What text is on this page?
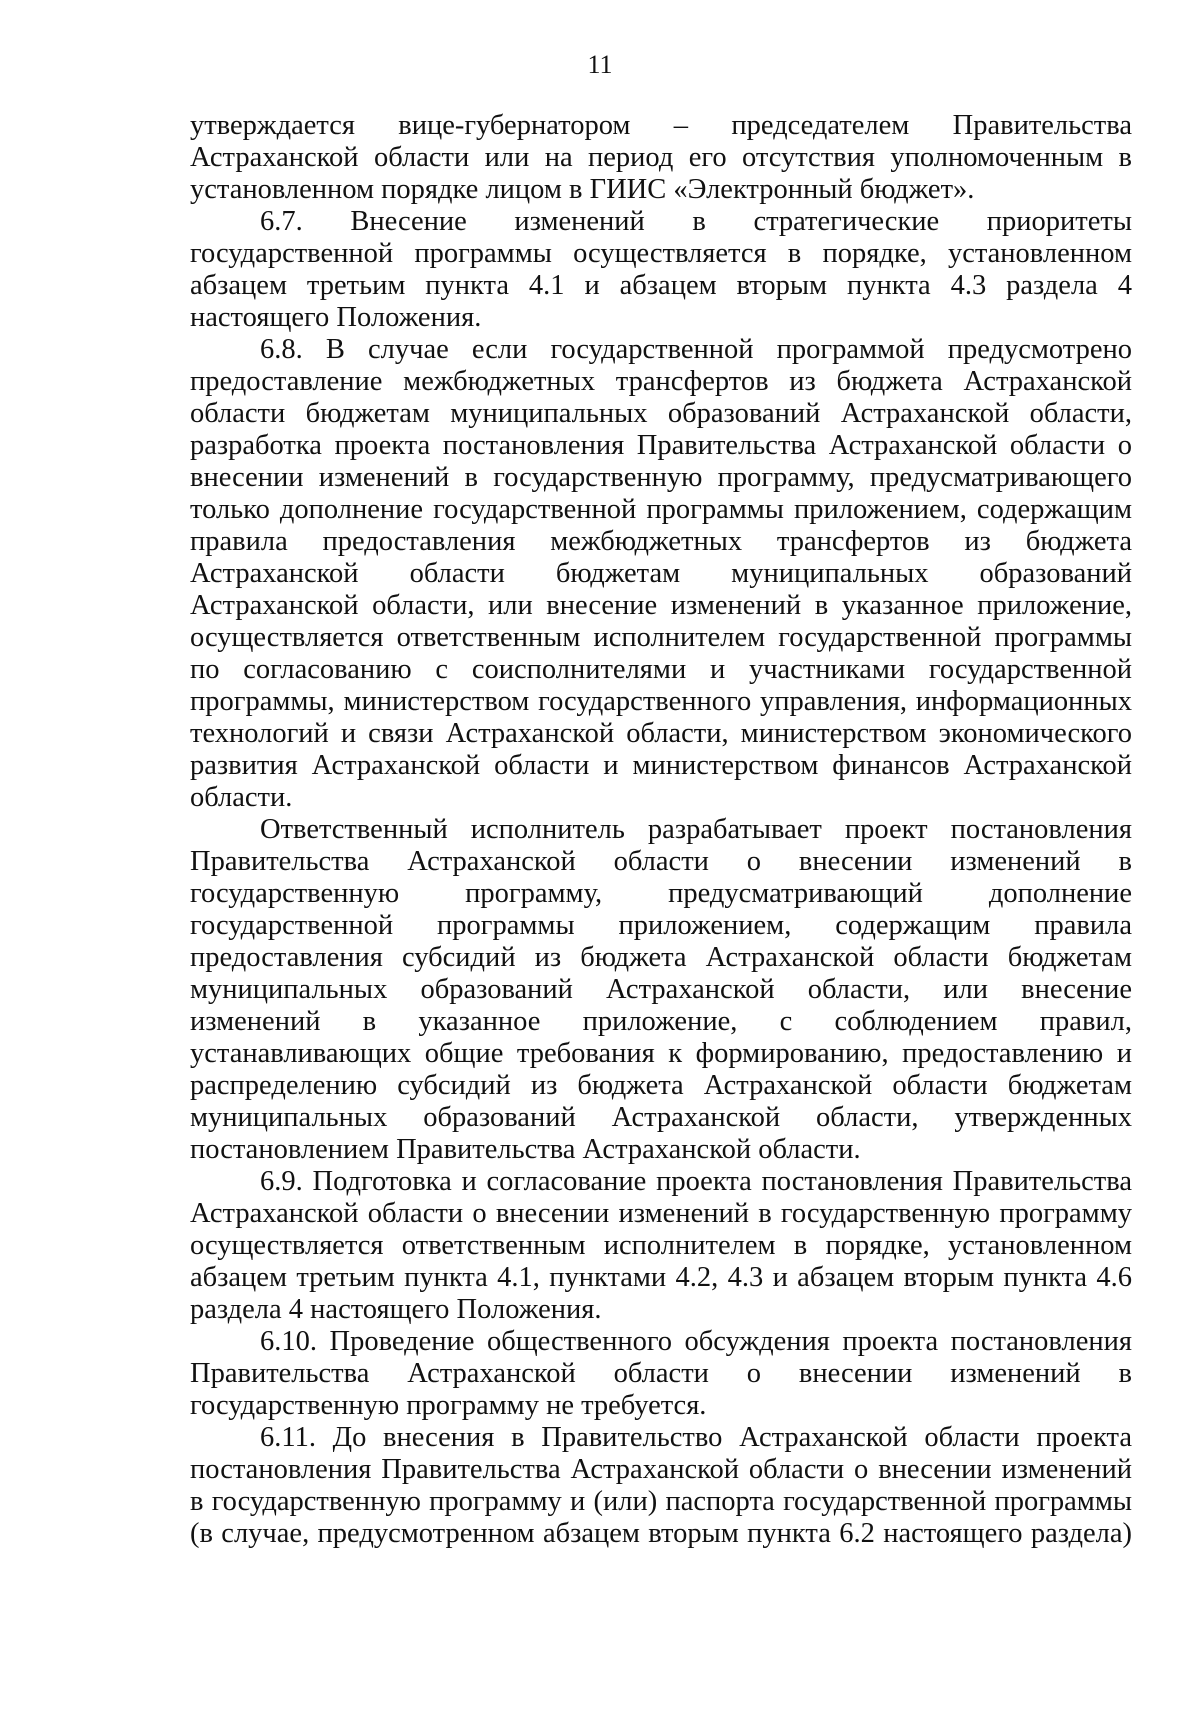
11

утверждается вице-губернатором – председателем Правительства Астраханской области или на период его отсутствия уполномоченным в установленном порядке лицом в ГИИС «Электронный бюджет».

6.7. Внесение изменений в стратегические приоритеты государственной программы осуществляется в порядке, установленном абзацем третьим пункта 4.1 и абзацем вторым пункта 4.3 раздела 4 настоящего Положения.

6.8. В случае если государственной программой предусмотрено предоставление межбюджетных трансфертов из бюджета Астраханской области бюджетам муниципальных образований Астраханской области, разработка проекта постановления Правительства Астраханской области о внесении изменений в государственную программу, предусматривающего только дополнение государственной программы приложением, содержащим правила предоставления межбюджетных трансфертов из бюджета Астраханской области бюджетам муниципальных образований Астраханской области, или внесение изменений в указанное приложение, осуществляется ответственным исполнителем государственной программы по согласованию с соисполнителями и участниками государственной программы, министерством государственного управления, информационных технологий и связи Астраханской области, министерством экономического развития Астраханской области и министерством финансов Астраханской области.

Ответственный исполнитель разрабатывает проект постановления Правительства Астраханской области о внесении изменений в государственную программу, предусматривающий дополнение государственной программы приложением, содержащим правила предоставления субсидий из бюджета Астраханской области бюджетам муниципальных образований Астраханской области, или внесение изменений в указанное приложение, с соблюдением правил, устанавливающих общие требования к формированию, предоставлению и распределению субсидий из бюджета Астраханской области бюджетам муниципальных образований Астраханской области, утвержденных постановлением Правительства Астраханской области.

6.9. Подготовка и согласование проекта постановления Правительства Астраханской области о внесении изменений в государственную программу осуществляется ответственным исполнителем в порядке, установленном абзацем третьим пункта 4.1, пунктами 4.2, 4.3 и абзацем вторым пункта 4.6 раздела 4 настоящего Положения.

6.10. Проведение общественного обсуждения проекта постановления Правительства Астраханской области о внесении изменений в государственную программу не требуется.

6.11. До внесения в Правительство Астраханской области проекта постановления Правительства Астраханской области о внесении изменений в государственную программу и (или) паспорта государственной программы (в случае, предусмотренном абзацем вторым пункта 6.2 настоящего раздела)
